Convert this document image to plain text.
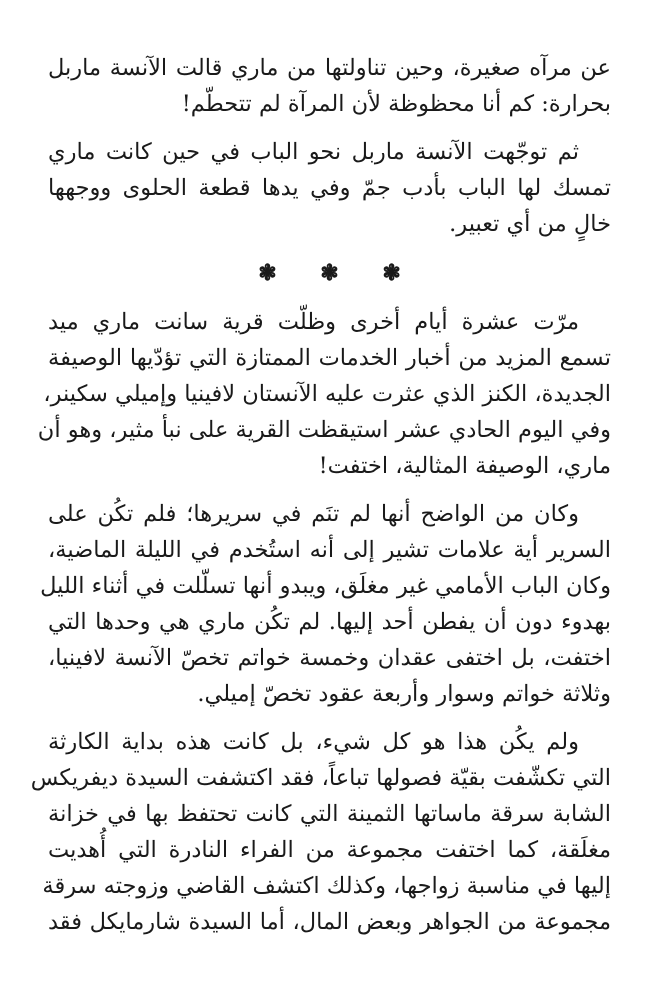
عن مرآه صغيرة، وحين تناولتها من ماري قالت الآنسة ماربل
بحرارة: كم أنا محظوظة لأن المرآة لم تتحطّم!

ثم توجّهت الآنسة ماربل نحو الباب في حين كانت ماري
تمسك لها الباب بأدب جمّ وفي يدها قطعة الحلوى ووجهها
خالٍ من أي تعبير.

❃ ❃ ❃

مرّت عشرة أيام أخرى وظلّت قرية سانت ماري ميد
تسمع المزيد من أخبار الخدمات الممتازة التي تؤدّيها الوصيفة
الجديدة، الكنز الذي عثرت عليه الآنستان لافينيا وإميلي سكينر،
وفي اليوم الحادي عشر استيقظت القرية على نبأ مثير، وهو أن
ماري، الوصيفة المثالية، اختفت!

وكان من الواضح أنها لم تنَم في سريرها؛ فلم تكُن على
السرير أية علامات تشير إلى أنه استُخدم في الليلة الماضية،
وكان الباب الأمامي غير مغلَق، ويبدو أنها تسلّلت في أثناء الليل
بهدوء دون أن يفطن أحد إليها. لم تكُن ماري هي وحدها التي
اختفت، بل اختفى عقدان وخمسة خواتم تخصّ الآنسة لافينيا،
وثلاثة خواتم وسوار وأربعة عقود تخصّ إميلي.

ولم يكُن هذا هو كل شيء، بل كانت هذه بداية الكارثة
التي تكشّفت بقيّة فصولها تباعاً، فقد اكتشفت السيدة ديفريكس
الشابة سرقة ماساتها الثمينة التي كانت تحتفظ بها في خزانة
مغلَقة، كما اختفت مجموعة من الفراء النادرة التي أُهديت
إليها في مناسبة زواجها، وكذلك اكتشف القاضي وزوجته سرقة
مجموعة من الجواهر وبعض المال، أما السيدة شارمايكل فقد
